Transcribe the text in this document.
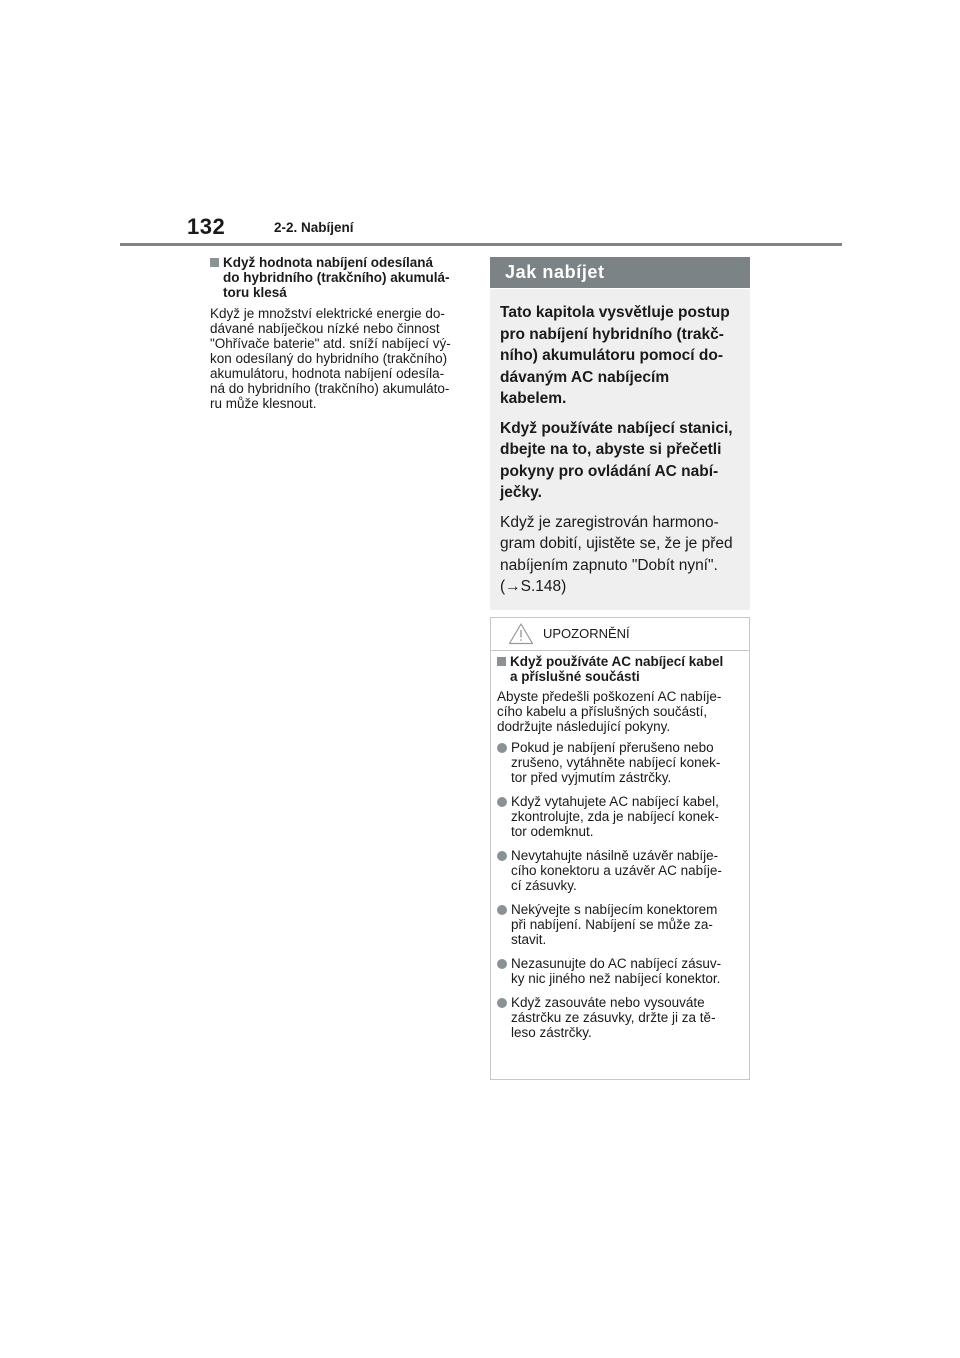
132	2-2. Nabíjení
Když hodnota nabíjení odesílaná
do hybridního (trakčního) akumulá-
toru klesá
Když je množství elektrické energie do-
dávané nabíječkou nízké nebo činnost
"Ohřívače baterie" atd. sníží nabíjecí vý-
kon odesílaný do hybridního (trakčního)
akumulátoru, hodnota nabíjení odesíla-
ná do hybridního (trakčního) akumuláto-
ru může klesnout.
Jak nabíjet
Tato kapitola vysvětluje postup
pro nabíjení hybridního (trakč-
ního) akumulátoru pomocí do-
dávaným AC nabíjecím
kabelem.
Když používáte nabíjecí stanici,
dbejte na to, abyste si přečetli
pokyny pro ovládání AC nabí-
ječky.
Když je zaregistrován harmono-
gram dobití, ujistěte se, že je před
nabíjením zapnuto "Dobít nyní".
(→S.148)
UPOZORNĚNÍ
Když používáte AC nabíjecí kabel
a příslušné součásti
Abyste předešli poškození AC nabíje-
cího kabelu a příslušných součástí,
dodržujte následující pokyny.
Pokud je nabíjení přerušeno nebo
zrušeno, vytáhněte nabíjecí konek-
tor před vyjmutím zástrčky.
Když vytahujete AC nabíjecí kabel,
zkontrolujte, zda je nabíjecí konek-
tor odemknut.
Nevytahujte násilně uzávěr nabíje-
cího konektoru a uzávěr AC nabíje-
cí zásuvky.
Nekývejte s nabíjecím konektorem
při nabíjení. Nabíjení se může za-
stavit.
Nezasunujte do AC nabíjecí zásuv-
ky nic jiného než nabíjecí konektor.
Když zasouváte nebo vysouváte
zástrčku ze zásuvky, držte ji za tě-
leso zástrčky.
